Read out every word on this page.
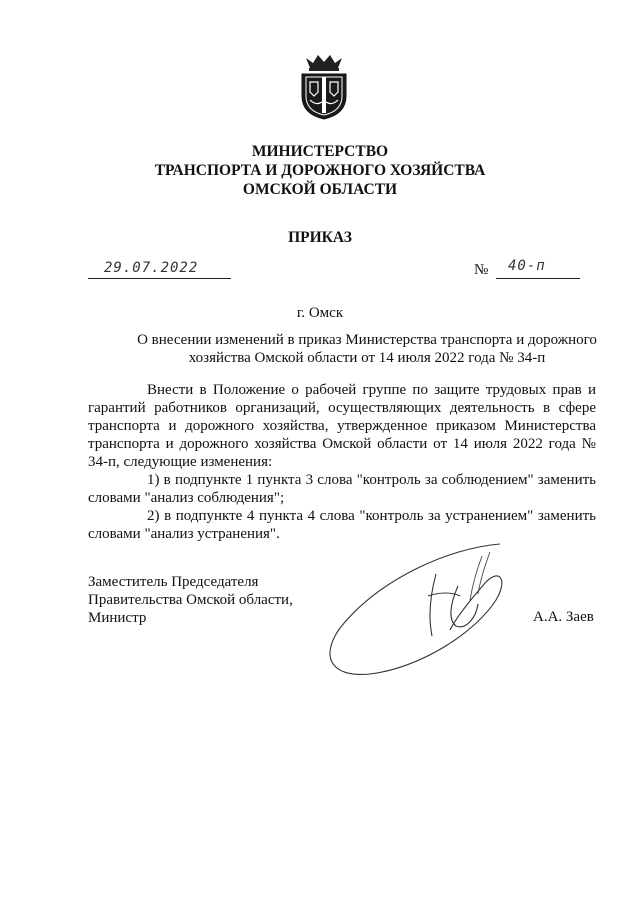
МИНИСТЕРСТВО
ТРАНСПОРТА И ДОРОЖНОГО ХОЗЯЙСТВА
ОМСКОЙ ОБЛАСТИ
ПРИКАЗ
29.07.2022	№ 40-п
г. Омск
О внесении изменений в приказ Министерства транспорта и дорожного
хозяйства Омской области от 14 июля 2022 года № 34-п

Внести в Положение о рабочей группе по защите трудовых прав и гарантий работников организаций, осуществляющих деятельность в сфере транспорта и дорожного хозяйства, утвержденное приказом Министерства транспорта и дорожного хозяйства Омской области от 14 июля 2022 года № 34-п, следующие изменения:

1) в подпункте 1 пункта 3 слова "контроль за соблюдением" заменить словами "анализ соблюдения";

2) в подпункте 4 пункта 4 слова "контроль за устранением" заменить словами "анализ устранения".

Заместитель Председателя
Правительства Омской области,
Министр	А.А. Заев
